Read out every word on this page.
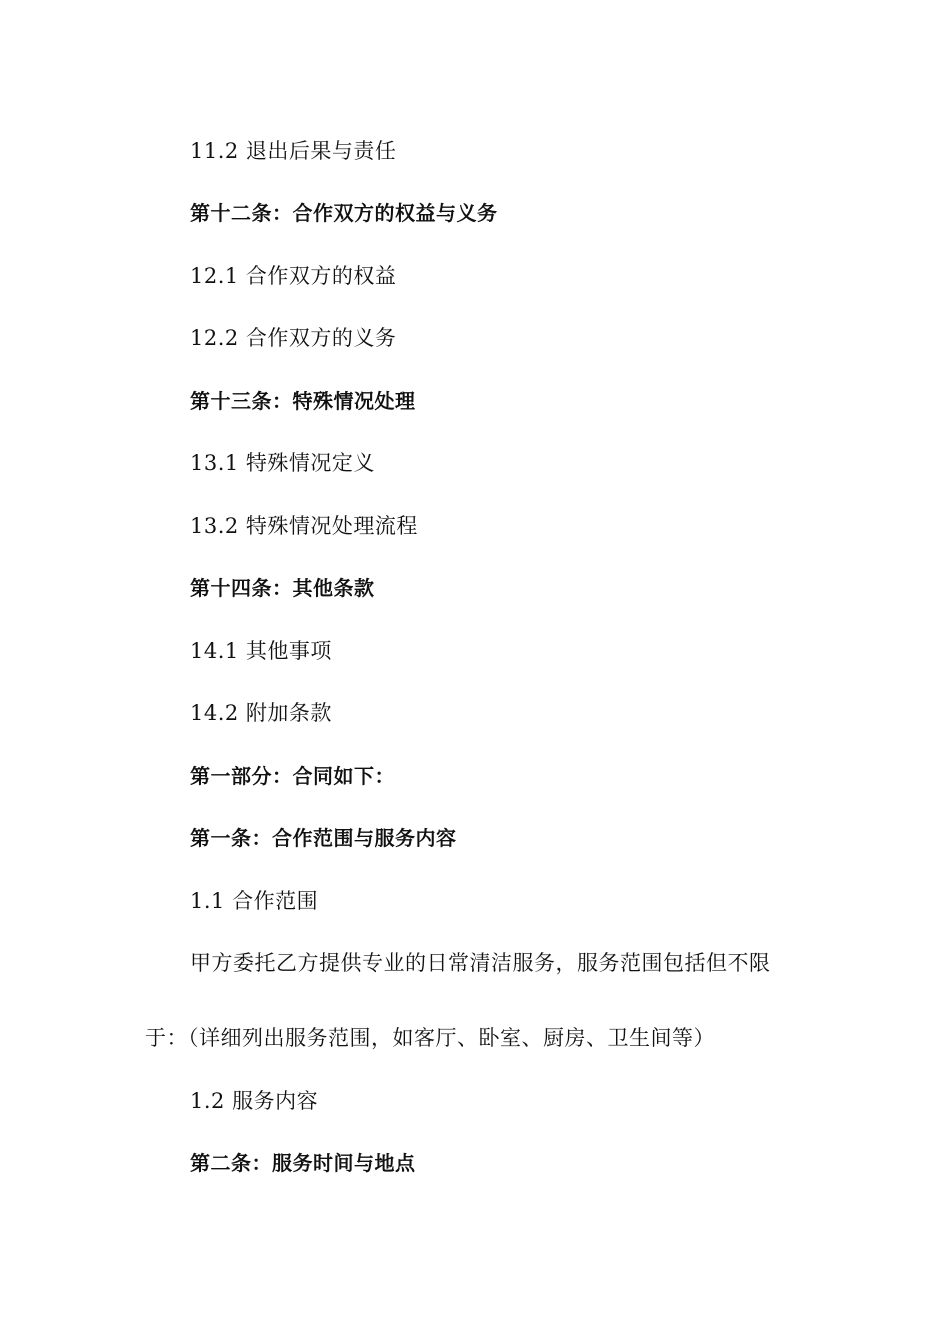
11.2 退出后果与责任
第十二条：合作双方的权益与义务
12.1 合作双方的权益
12.2 合作双方的义务
第十三条：特殊情况处理
13.1 特殊情况定义
13.2 特殊情况处理流程
第十四条：其他条款
14.1 其他事项
14.2 附加条款
第一部分：合同如下：
第一条：合作范围与服务内容
1.1 合作范围
甲方委托乙方提供专业的日常清洁服务，服务范围包括但不限
于：（详细列出服务范围，如客厅、卧室、厨房、卫生间等）
1.2 服务内容
第二条：服务时间与地点
